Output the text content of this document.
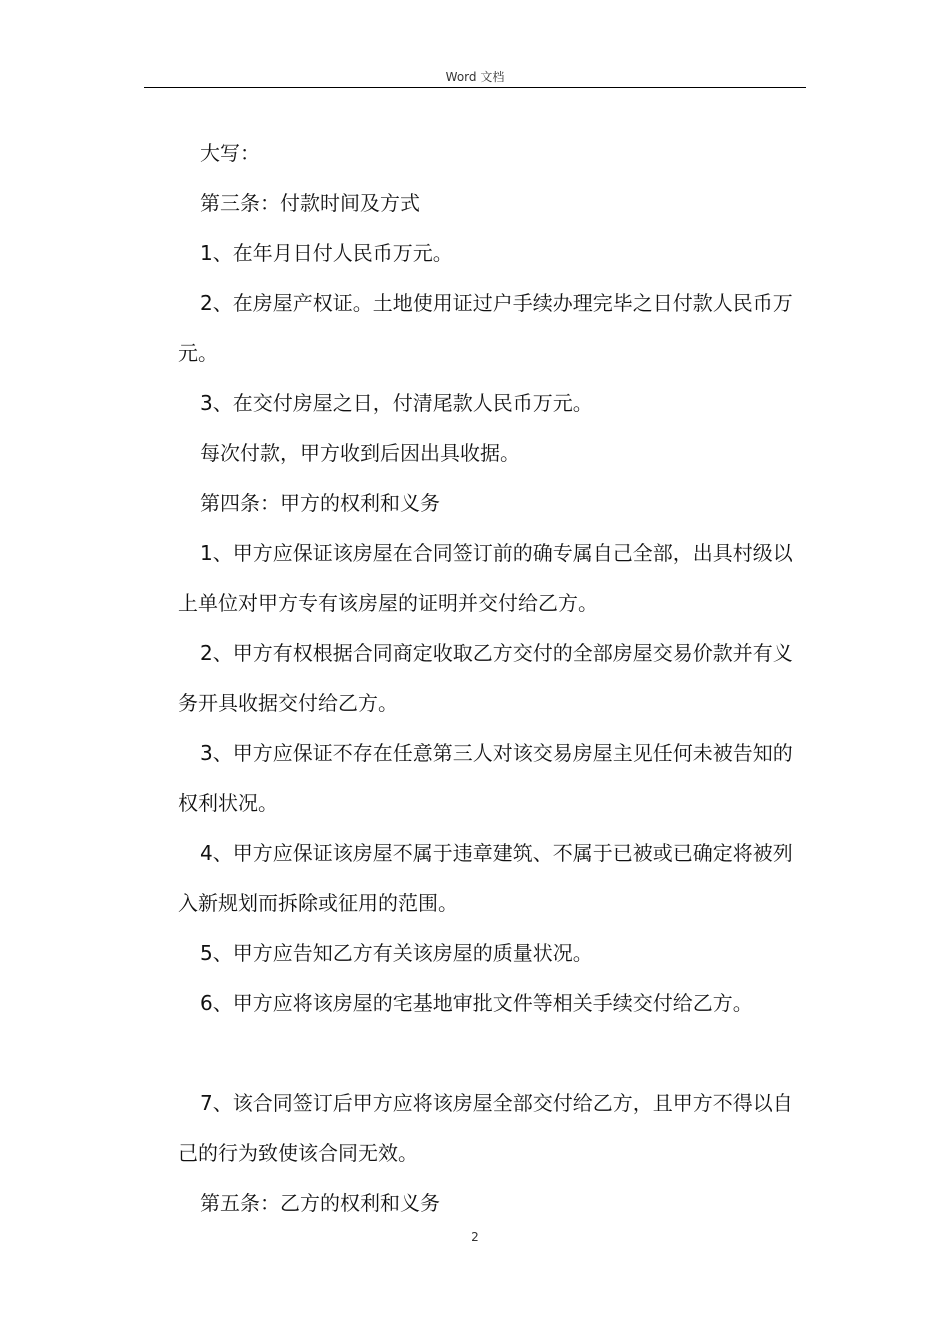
Word 文档

大写：

第三条：付款时间及方式

1、在年月日付人民币万元。

2、在房屋产权证。土地使用证过户手续办理完毕之日付款人民币万元。

3、在交付房屋之日，付清尾款人民币万元。

每次付款，甲方收到后因出具收据。

第四条：甲方的权利和义务

1、甲方应保证该房屋在合同签订前的确专属自己全部，出具村级以上单位对甲方专有该房屋的证明并交付给乙方。

2、甲方有权根据合同商定收取乙方交付的全部房屋交易价款并有义务开具收据交付给乙方。

3、甲方应保证不存在任意第三人对该交易房屋主见任何未被告知的权利状况。

4、甲方应保证该房屋不属于违章建筑、不属于已被或已确定将被列入新规划而拆除或征用的范围。

5、甲方应告知乙方有关该房屋的质量状况。

6、甲方应将该房屋的宅基地审批文件等相关手续交付给乙方。

7、该合同签订后甲方应将该房屋全部交付给乙方，且甲方不得以自己的行为致使该合同无效。

第五条：乙方的权利和义务

2
